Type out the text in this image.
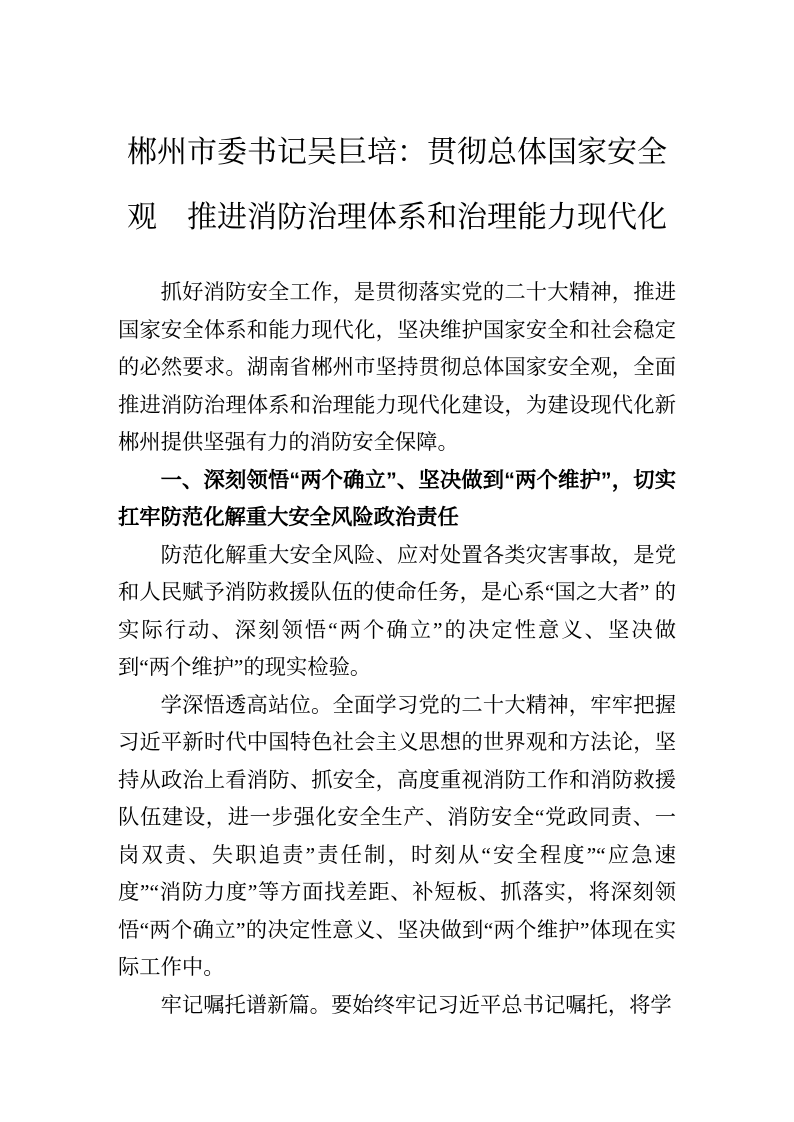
郴州市委书记吴巨培：贯彻总体国家安全观　推进消防治理体系和治理能力现代化

抓好消防安全工作，是贯彻落实党的二十大精神，推进国家安全体系和能力现代化，坚决维护国家安全和社会稳定的必然要求。湖南省郴州市坚持贯彻总体国家安全观，全面推进消防治理体系和治理能力现代化建设，为建设现代化新郴州提供坚强有力的消防安全保障。

一、深刻领悟“两个确立”、坚决做到“两个维护”，切实扛牢防范化解重大安全风险政治责任

防范化解重大安全风险、应对处置各类灾害事故，是党和人民赋予消防救援队伍的使命任务，是心系“国之大者” 的实际行动、深刻领悟“两个确立”的决定性意义、坚决做到“两个维护”的现实检验。

学深悟透高站位。全面学习党的二十大精神，牢牢把握习近平新时代中国特色社会主义思想的世界观和方法论，坚持从政治上看消防、抓安全，高度重视消防工作和消防救援队伍建设，进一步强化安全生产、消防安全“党政同责、一岗双责、失职追责”责任制，时刻从“安全程度”“应急速度”“消防力度”等方面找差距、补短板、抓落实，将深刻领悟“两个确立”的决定性意义、坚决做到“两个维护”体现在实际工作中。

牢记嘱托谱新篇。要始终牢记习近平总书记嘱托，将学
